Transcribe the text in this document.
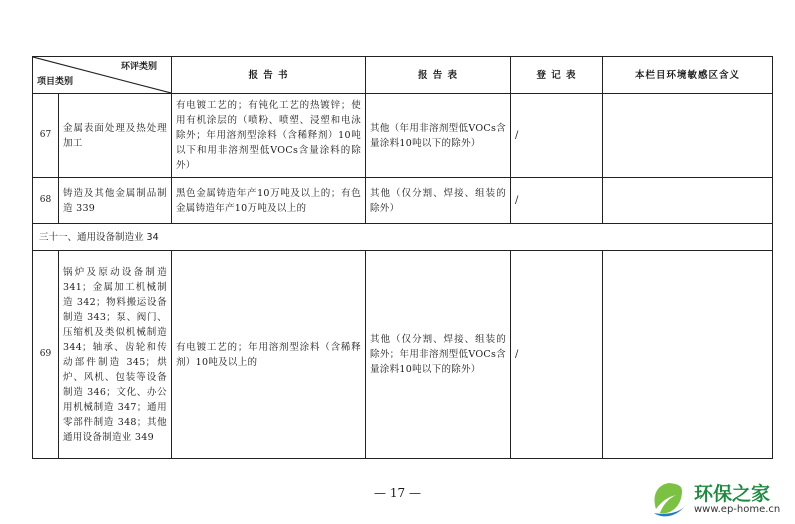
环评类别
项目类别		报 告 书	报 告 表	登 记 表	本栏目环境敏感区含义
67	金属表面处理及热处理加工	有电镀工艺的；有钝化工艺的热镀锌；使用有机涂层的（喷粉、喷塑、浸塑和电泳除外；年用溶剂型涂料（含稀释剂）10吨以下和用非溶剂型低VOCs含量涂料的除外）	其他（年用非溶剂型低VOCs含量涂料10吨以下的除外）	/	
68	铸造及其他金属制品制造 339	黑色金属铸造年产10万吨及以上的；有色金属铸造年产10万吨及以上的	其他（仅分割、焊接、组装的除外）	/	
三十一、通用设备制造业 34					
69	锅炉及原动设备制造 341；金属加工机械制造 342；物料搬运设备制造 343；泵、阀门、压缩机及类似机械制造 344；轴承、齿轮和传动部件制造 345；烘炉、风机、包装等设备制造 346；文化、办公用机械制造 347；通用零部件制造 348；其他通用设备制造业 349	有电镀工艺的；年用溶剂型涂料（含稀释剂）10吨及以上的	其他（仅分割、焊接、组装的除外；年用非溶剂型低VOCs含量涂料10吨以下的除外）	/	
— 17 —	环保之家
www.ep-home.cn
